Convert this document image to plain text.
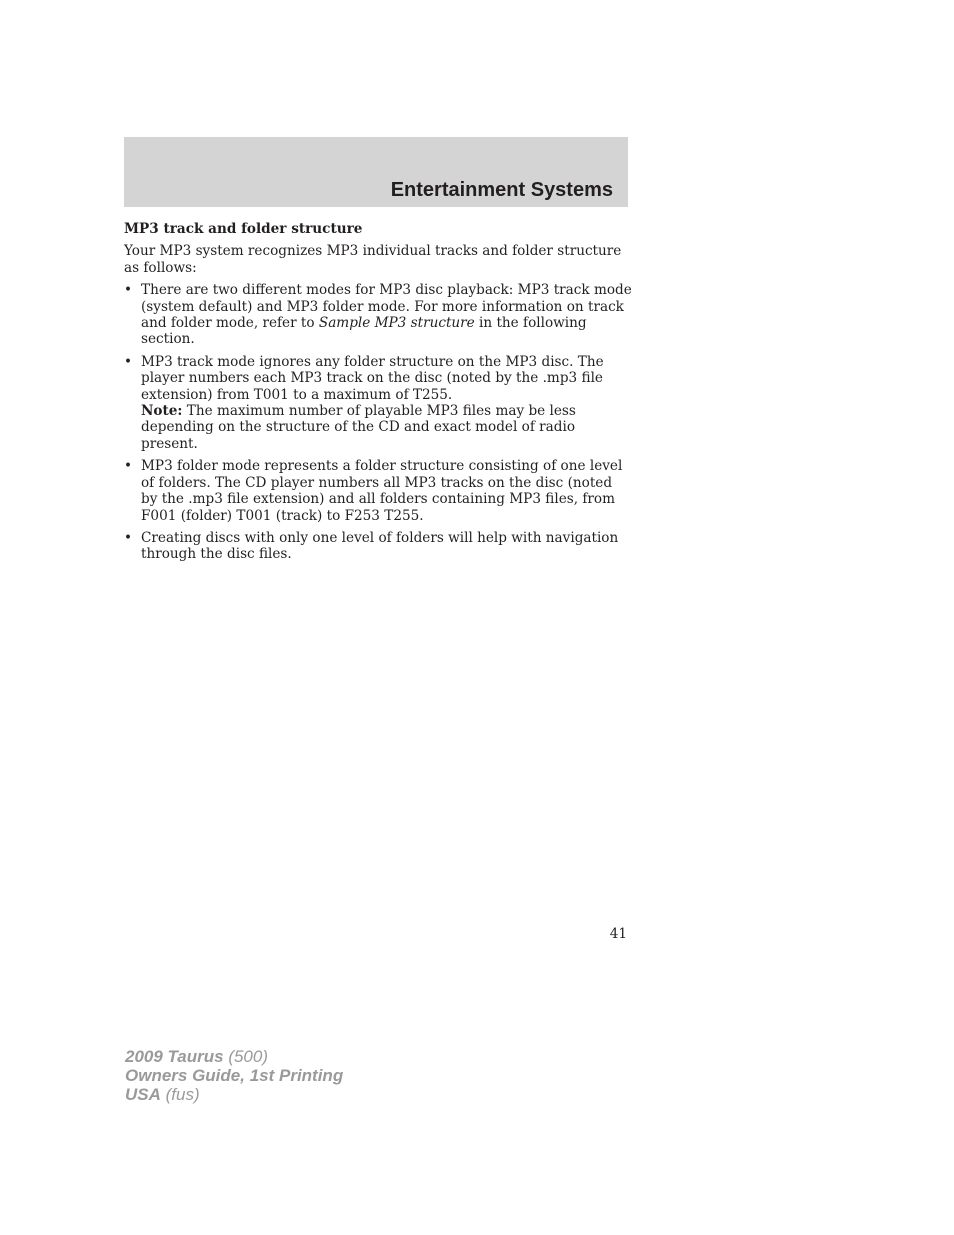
Entertainment Systems
MP3 track and folder structure
Your MP3 system recognizes MP3 individual tracks and folder structure
as follows:
• There are two different modes for MP3 disc playback: MP3 track mode
(system default) and MP3 folder mode. For more information on track
and folder mode, refer to Sample MP3 structure in the following
section.
• MP3 track mode ignores any folder structure on the MP3 disc. The
player numbers each MP3 track on the disc (noted by the .mp3 file
extension) from T001 to a maximum of T255.
Note: The maximum number of playable MP3 files may be less
depending on the structure of the CD and exact model of radio
present.
• MP3 folder mode represents a folder structure consisting of one level
of folders. The CD player numbers all MP3 tracks on the disc (noted
by the .mp3 file extension) and all folders containing MP3 files, from
F001 (folder) T001 (track) to F253 T255.
• Creating discs with only one level of folders will help with navigation
through the disc files.
41
2009 Taurus (500)
Owners Guide, 1st Printing
USA (fus)
